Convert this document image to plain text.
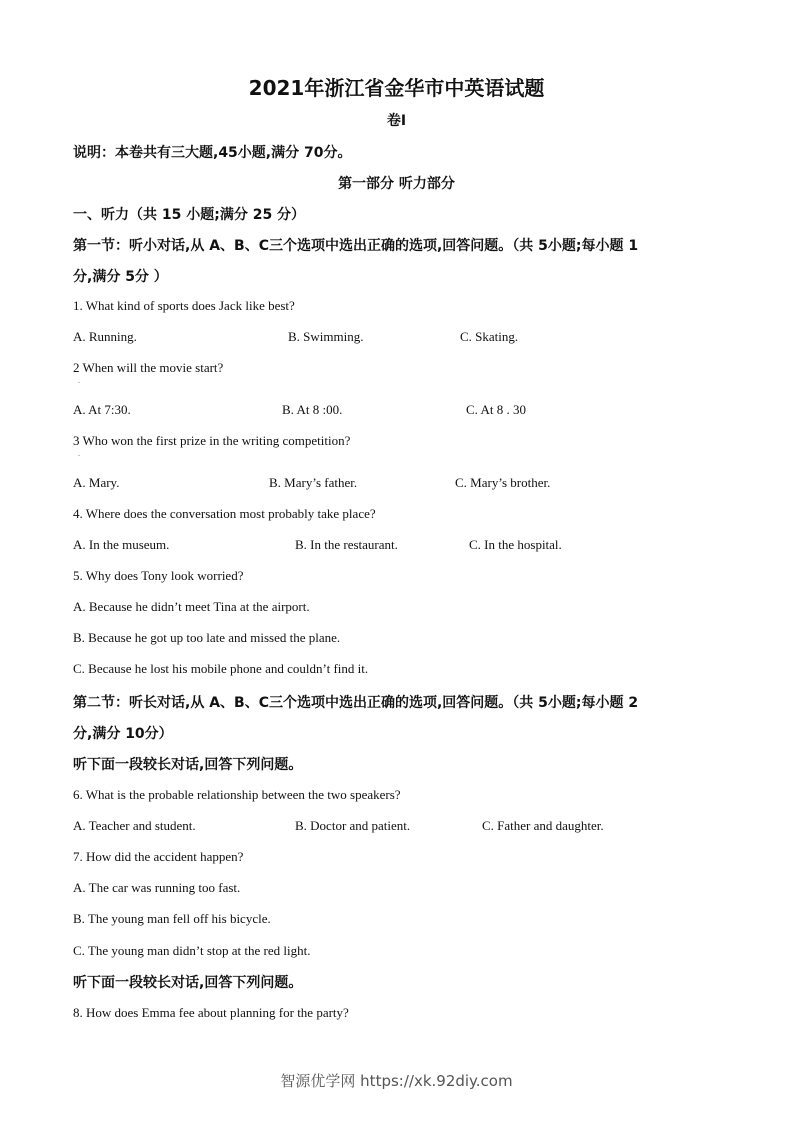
2021年浙江省金华市中英语试题
卷I
说明：本卷共有三大题,45小题,满分 70分。
第一部分 听力部分
一、听力（共 15 小题;满分 25 分）
第一节：听小对话,从 A、B、C三个选项中选出正确的选项,回答问题。（共 5小题;每小题 1
分,满分 5分 ）
1. What kind of sports does Jack like best?
A. Running.	B. Swimming.	C. Skating.
2 When will the movie start?
.
A. At 7:30.	B. At 8 :00.	C. At 8 . 30
3 Who won the first prize in the writing competition?
.
A. Mary.	B. Mary’s father.	C. Mary’s brother.
4. Where does the conversation most probably take place?
A. In the museum.	B. In the restaurant.	C. In the hospital.
5. Why does Tony look worried?
A. Because he didn’t meet Tina at the airport.
B. Because he got up too late and missed the plane.
C. Because he lost his mobile phone and couldn’t find it.
第二节：听长对话,从 A、B、C三个选项中选出正确的选项,回答问题。（共 5小题;每小题 2
分,满分 10分）
听下面一段较长对话,回答下列问题。
6. What is the probable relationship between the two speakers?
A. Teacher and student.	B. Doctor and patient.	C. Father and daughter.
7. How did the accident happen?
A. The car was running too fast.
B. The young man fell off his bicycle.
C. The young man didn’t stop at the red light.
听下面一段较长对话,回答下列问题。
8. How does Emma fee about planning for the party?
智源优学网 https://xk.92diy.com
